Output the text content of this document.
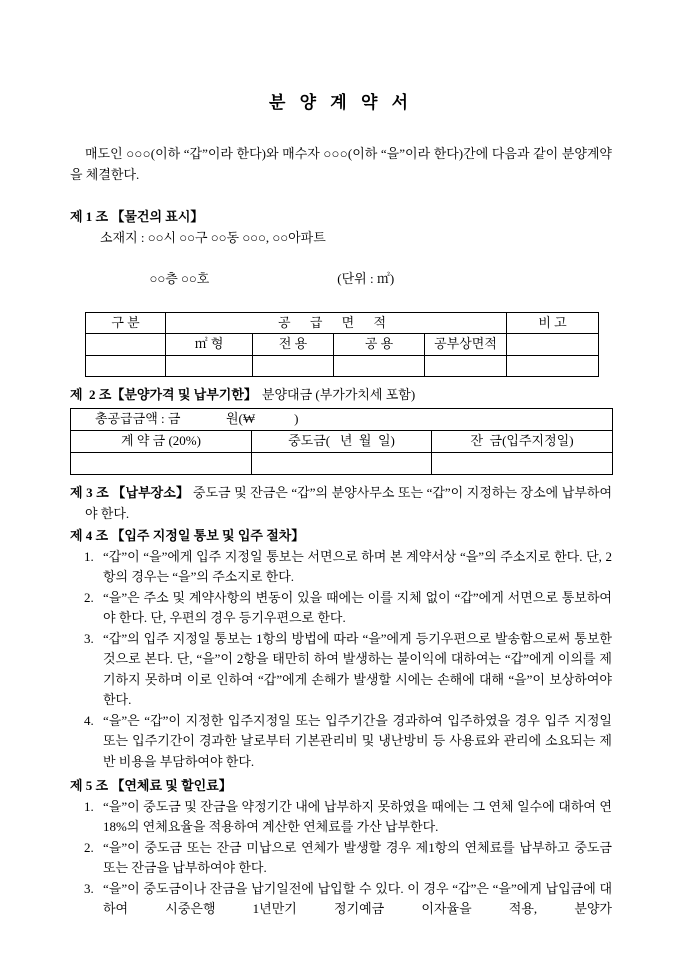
분 양 계 약 서

매도인 ○○○(이하 “갑”이라 한다)와 매수자 ○○○(이하 “을”이라 한다)간에 다음과 같이 분양계약을 체결한다.

제 1 조 【물건의 표시】
소재지 : ○○시 ○○구 ○○동 ○○○, ○○아파트

○○층 ○○호	(단위 : ㎡)

구 분	공 급 면 적				비 고
	㎡ 형	전 용	공 용	공부상면적	

제  2 조【분양가격 및 납부기한】 분양대금 (부가가치세 포함)
총공급금액 : 금              원(₩            )		
계 약 금 (20%)	중도금(   년  월  일)	잔  금(입주지정일)

제 3 조 【납부장소】 중도금 및 잔금은 “갑”의 분양사무소 또는 “갑”이 지정하는 장소에 납부하여야 한다.

제 4 조 【입주 지정일 통보 및 입주 절차】
“갑”이 “을”에게 입주 지정일 통보는 서면으로 하며 본 계약서상 “을”의 주소지로 한다. 단, 2항의 경우는 “을”의 주소지로 한다.
“을”은 주소 및 계약사항의 변동이 있을 때에는 이를 지체 없이 “갑”에게 서면으로 통보하여야 한다. 단, 우편의 경우 등기우편으로 한다.
“갑”의 입주 지정일 통보는 1항의 방법에 따라 “을”에게 등기우편으로 발송함으로써 통보한 것으로 본다. 단, “을”이 2항을 태만히 하여 발생하는 불이익에 대하여는 “갑”에게 이의를 제기하지 못하며 이로 인하여 “갑”에게 손해가 발생할 시에는 손해에 대해 “을”이 보상하여야 한다.
“을”은 “갑”이 지정한 입주지정일 또는 입주기간을 경과하여 입주하였을 경우 입주 지정일 또는 입주기간이 경과한 날로부터 기본관리비 및 냉난방비 등 사용료와 관리에 소요되는 제반 비용을 부담하여야 한다.
제 5 조 【연체료 및 할인료】
“을”이 중도금 및 잔금을 약정기간 내에 납부하지 못하였을 때에는 그 연체 일수에 대하여 연 18%의 연체요율을 적용하여 계산한 연체료를 가산 납부한다.
“을”이 중도금 또는 잔금 미납으로 연체가 발생할 경우 제1항의 연체료를 납부하고 중도금 또는 잔금을 납부하여야 한다.
“을”이 중도금이나 잔금을 납기일전에 납입할 수 있다. 이 경우 “갑”은 “을”에게 납입금에 대하여 시중은행 1년만기 정기예금 이자율을 적용, 분양가
